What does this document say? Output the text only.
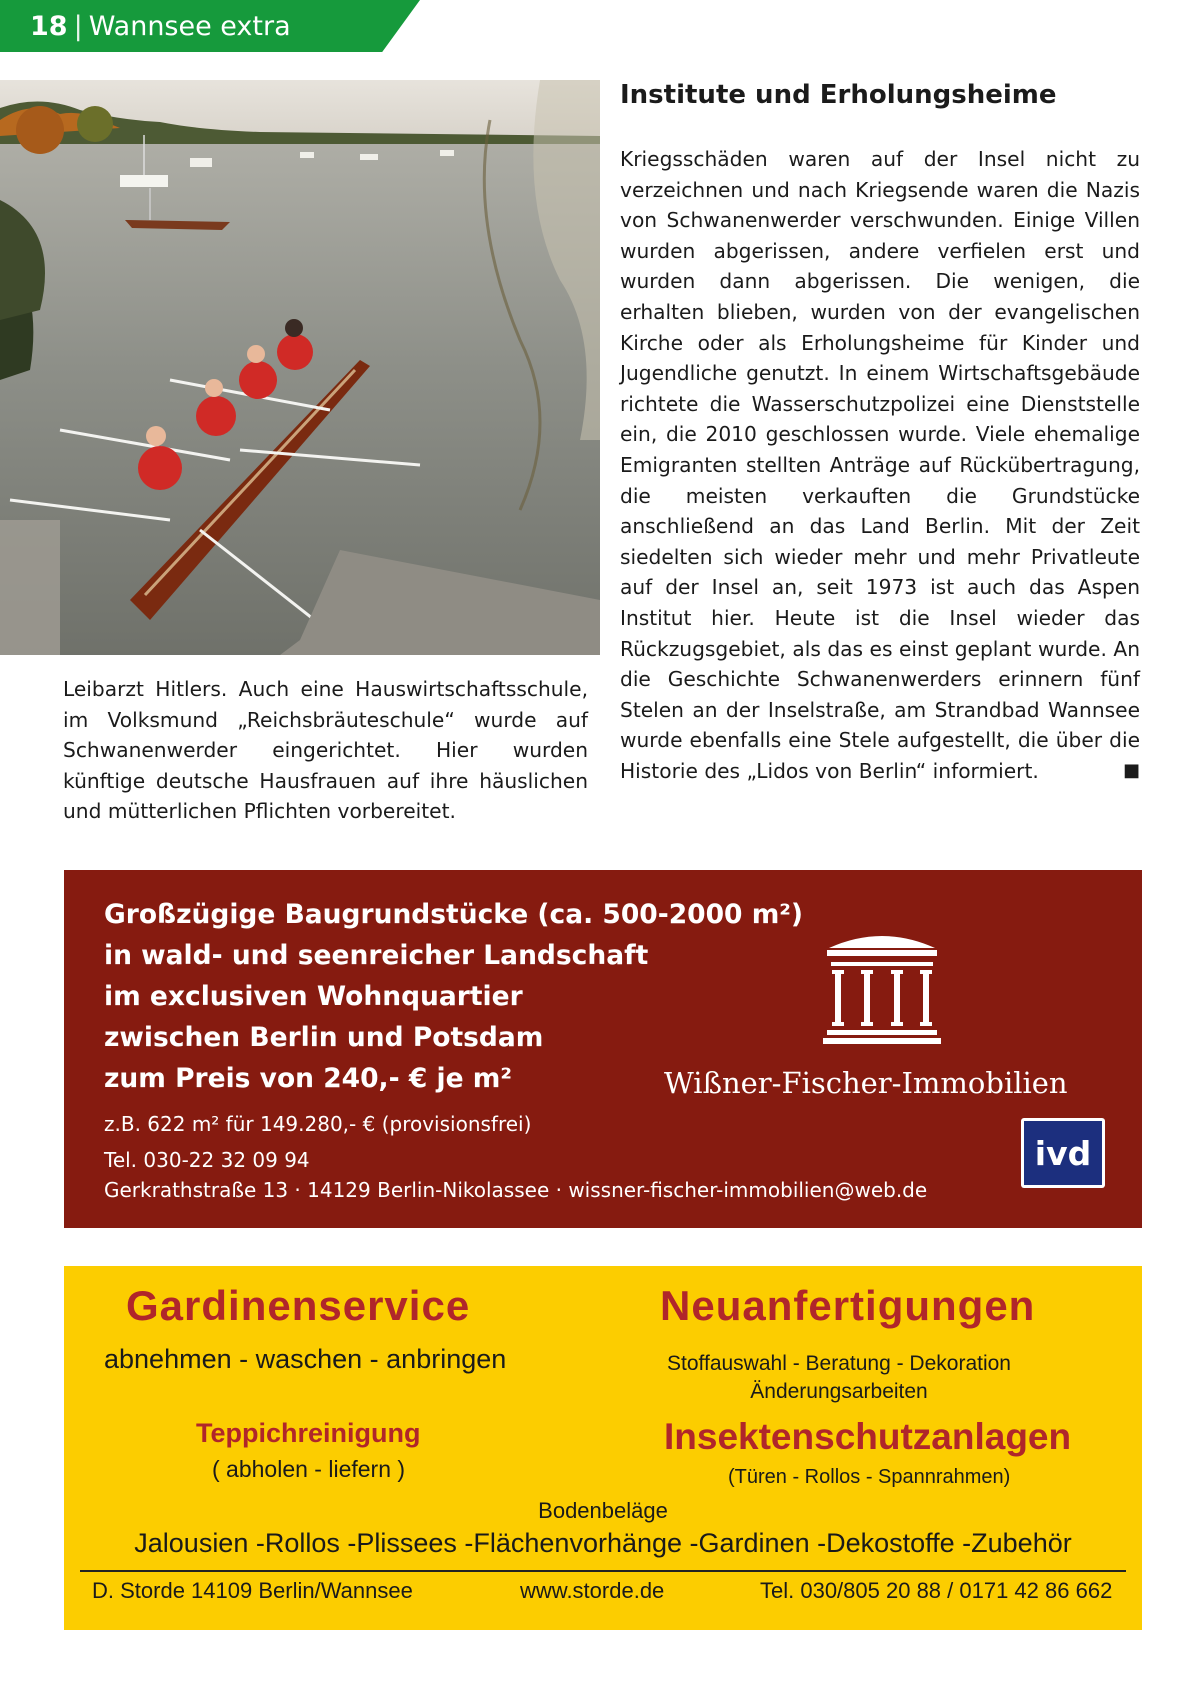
18 | Wannsee extra
Institute und Erholungsheime
Kriegsschäden waren auf der Insel nicht zu verzeichnen und nach Kriegsende waren die Nazis von Schwanenwerder verschwunden. Einige Villen wurden abgerissen, andere verfielen erst und wurden dann abgerissen. Die wenigen, die erhalten blieben, wurden von der evangelischen Kirche oder als Erholungsheime für Kinder und Jugendliche genutzt. In einem Wirtschaftsgebäude richtete die Wasserschutzpolizei eine Dienststelle ein, die 2010 geschlossen wurde. Viele ehemalige Emigranten stellten Anträge auf Rückübertragung, die meisten verkauften die Grundstücke anschließend an das Land Berlin. Mit der Zeit siedelten sich wieder mehr und mehr Privatleute auf der Insel an, seit 1973 ist auch das Aspen Institut hier. Heute ist die Insel wieder das Rückzugsgebiet, als das es einst geplant wurde. An die Geschichte Schwanenwerders erinnern fünf Stelen an der Inselstraße, am Strandbad Wannsee wurde ebenfalls eine Stele aufgestellt, die über die Historie des „Lidos von Berlin“ informiert.	■
Leibarzt Hitlers. Auch eine Hauswirtschaftsschule, im Volksmund „Reichsbräuteschule“ wurde auf Schwanenwerder eingerichtet. Hier wurden künftige deutsche Hausfrauen auf ihre häuslichen und mütterlichen Pflichten vorbereitet.
Großzügige Baugrundstücke (ca. 500-2000 m²)
in wald- und seenreicher Landschaft
im exclusiven Wohnquartier
zwischen Berlin und Potsdam
zum Preis von 240,- € je m²
z.B. 622 m² für 149.280,- € (provisionsfrei)
Tel. 030-22 32 09 94
Gerkrathstraße 13 · 14129 Berlin-Nikolassee · wissner-fischer-immobilien@web.de
Wißner-Fischer-Immobilien
ivd
Gardinenservice	Neuanfertigungen
abnehmen - waschen - anbringen	Stoffauswahl - Beratung - Dekoration
Änderungsarbeiten
Teppichreinigung
( abholen - liefern )
Insektenschutzanlagen
(Türen - Rollos - Spannrahmen)
Bodenbeläge
Jalousien -Rollos -Plissees -Flächenvorhänge -Gardinen -Dekostoffe -Zubehör
D. Storde 14109 Berlin/Wannsee	www.storde.de	Tel. 030/805 20 88 / 0171 42 86 662
